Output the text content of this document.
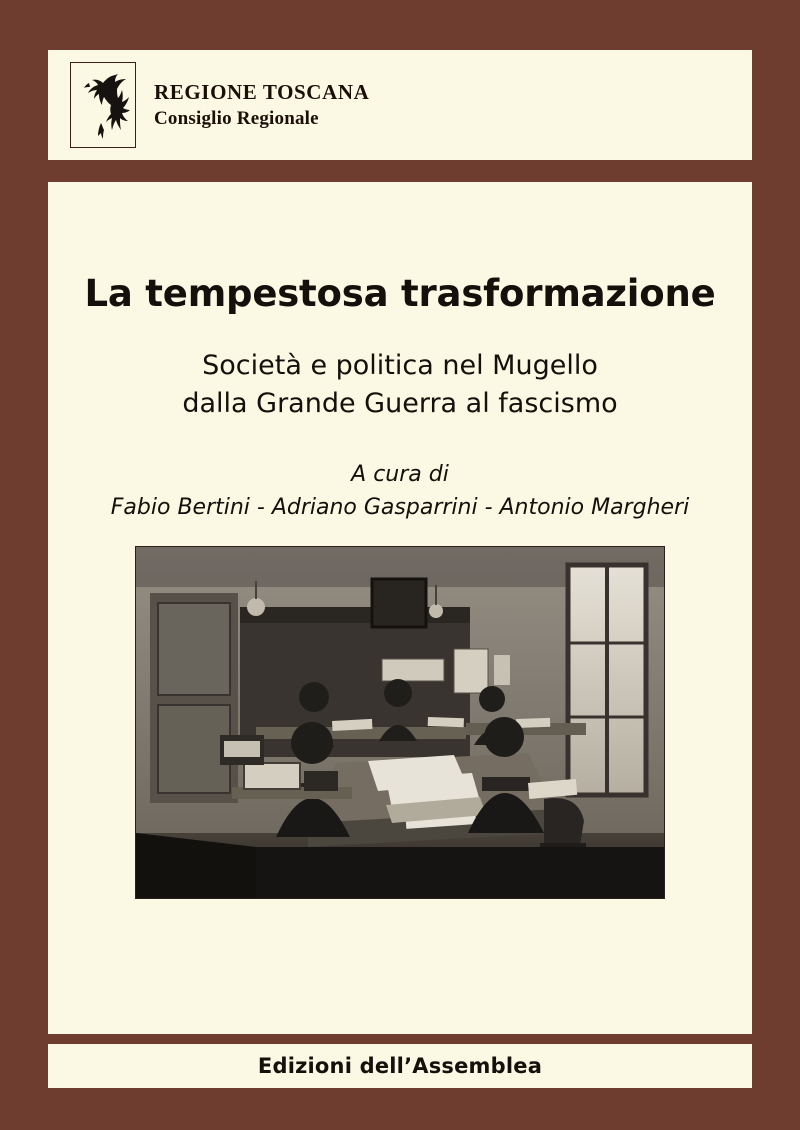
REGIONE TOSCANA
Consiglio Regionale
La tempestosa trasformazione
Società e politica nel Mugello
dalla Grande Guerra al fascismo
A cura di
Fabio Bertini - Adriano Gasparrini - Antonio Margheri
Edizioni dell’Assemblea
